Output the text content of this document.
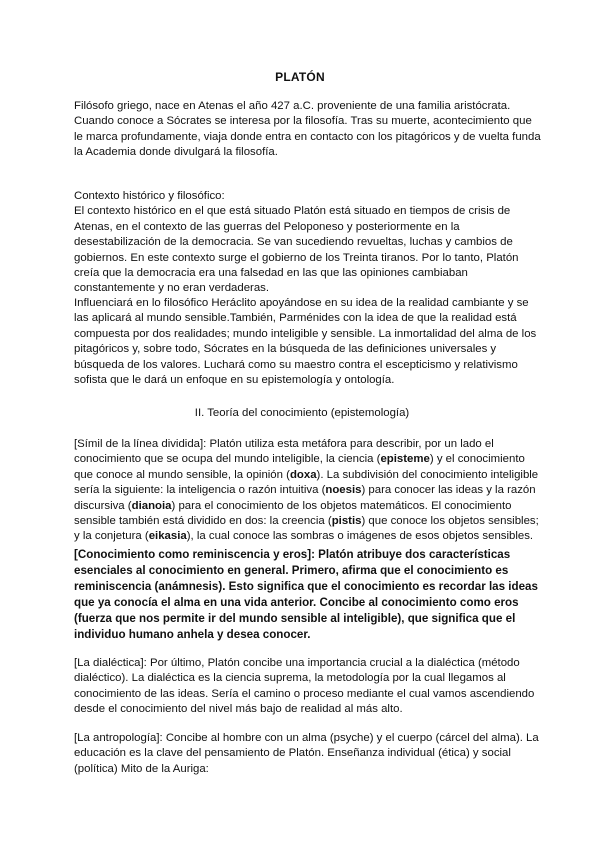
PLATÓN
Filósofo griego, nace en Atenas el año 427 a.C. proveniente de una familia aristócrata.
Cuando conoce a Sócrates se interesa por la filosofía. Tras su muerte, acontecimiento que
le marca profundamente, viaja donde entra en contacto con los pitagóricos y de vuelta funda
la Academia donde divulgará la filosofía.
Contexto histórico y filosófico:
El contexto histórico en el que está situado Platón está situado en tiempos de crisis de
Atenas, en el contexto de las guerras del Peloponeso y posteriormente en la
desestabilización de la democracia. Se van sucediendo revueltas, luchas y cambios de
gobiernos. En este contexto surge el gobierno de los Treinta tiranos. Por lo tanto, Platón
creía que la democracia era una falsedad en las que las opiniones cambiaban
constantemente y no eran verdaderas.
Influenciará en lo filosófico Heráclito apoyándose en su idea de la realidad cambiante y se
las aplicará al mundo sensible.También, Parménides con la idea de que la realidad está
compuesta por dos realidades; mundo inteligible y sensible. La inmortalidad del alma de los
pitagóricos y, sobre todo, Sócrates en la búsqueda de las definiciones universales y
búsqueda de los valores. Luchará como su maestro contra el escepticismo y relativismo
sofista que le dará un enfoque en su epistemología y ontología.
II. Teoría del conocimiento (epistemología)
[Símil de la línea dividida]: Platón utiliza esta metáfora para describir, por un lado el
conocimiento que se ocupa del mundo inteligible, la ciencia (episteme) y el conocimiento
que conoce al mundo sensible, la opinión (doxa). La subdivisión del conocimiento inteligible
sería la siguiente: la inteligencia o razón intuitiva (noesis) para conocer las ideas y la razón
discursiva (dianoia) para el conocimiento de los objetos matemáticos. El conocimiento
sensible también está dividido en dos: la creencia (pistis) que conoce los objetos sensibles;
y la conjetura (eikasia), la cual conoce las sombras o imágenes de esos objetos sensibles.
[Conocimiento como reminiscencia y eros]: Platón atribuye dos características
esenciales al conocimiento en general. Primero, afirma que el conocimiento es
reminiscencia (anámnesis). Esto significa que el conocimiento es recordar las ideas
que ya conocía el alma en una vida anterior. Concibe al conocimiento como eros
(fuerza que nos permite ir del mundo sensible al inteligible), que significa que el
individuo humano anhela y desea conocer.
[La dialéctica]: Por último, Platón concibe una importancia crucial a la dialéctica (método
dialéctico). La dialéctica es la ciencia suprema, la metodología por la cual llegamos al
conocimiento de las ideas. Sería el camino o proceso mediante el cual vamos ascendiendo
desde el conocimiento del nivel más bajo de realidad al más alto.
[La antropología]: Concibe al hombre con un alma (psyche) y el cuerpo (cárcel del alma). La
educación es la clave del pensamiento de Platón. Enseñanza individual (ética) y social
(política) Mito de la Auriga:
